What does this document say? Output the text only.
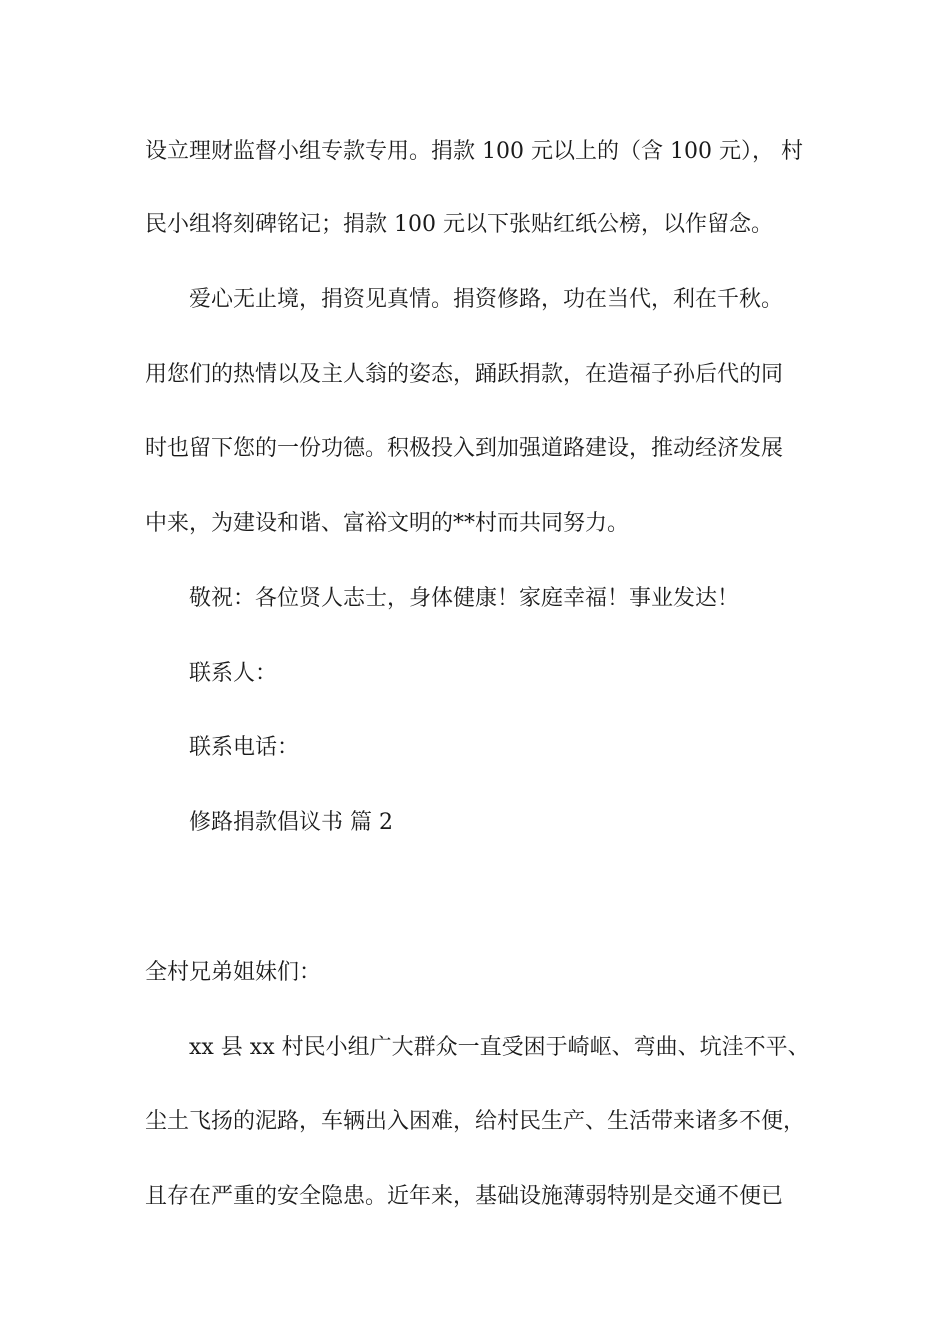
设立理财监督小组专款专用。捐款 100 元以上的（含 100 元）， 村

民小组将刻碑铭记；捐款 100 元以下张贴红纸公榜，以作留念。

爱心无止境，捐资见真情。捐资修路，功在当代，利在千秋。

用您们的热情以及主人翁的姿态，踊跃捐款，在造福子孙后代的同

时也留下您的一份功德。积极投入到加强道路建设，推动经济发展

中来，为建设和谐、富裕文明的**村而共同努力。

敬祝：各位贤人志士，身体健康！家庭幸福！事业发达！

联系人：

联系电话：

修路捐款倡议书 篇 2

全村兄弟姐妹们：

xx 县 xx 村民小组广大群众一直受困于崎岖、弯曲、坑洼不平、

尘土飞扬的泥路，车辆出入困难，给村民生产、生活带来诸多不便，

且存在严重的安全隐患。近年来，基础设施薄弱特别是交通不便已
